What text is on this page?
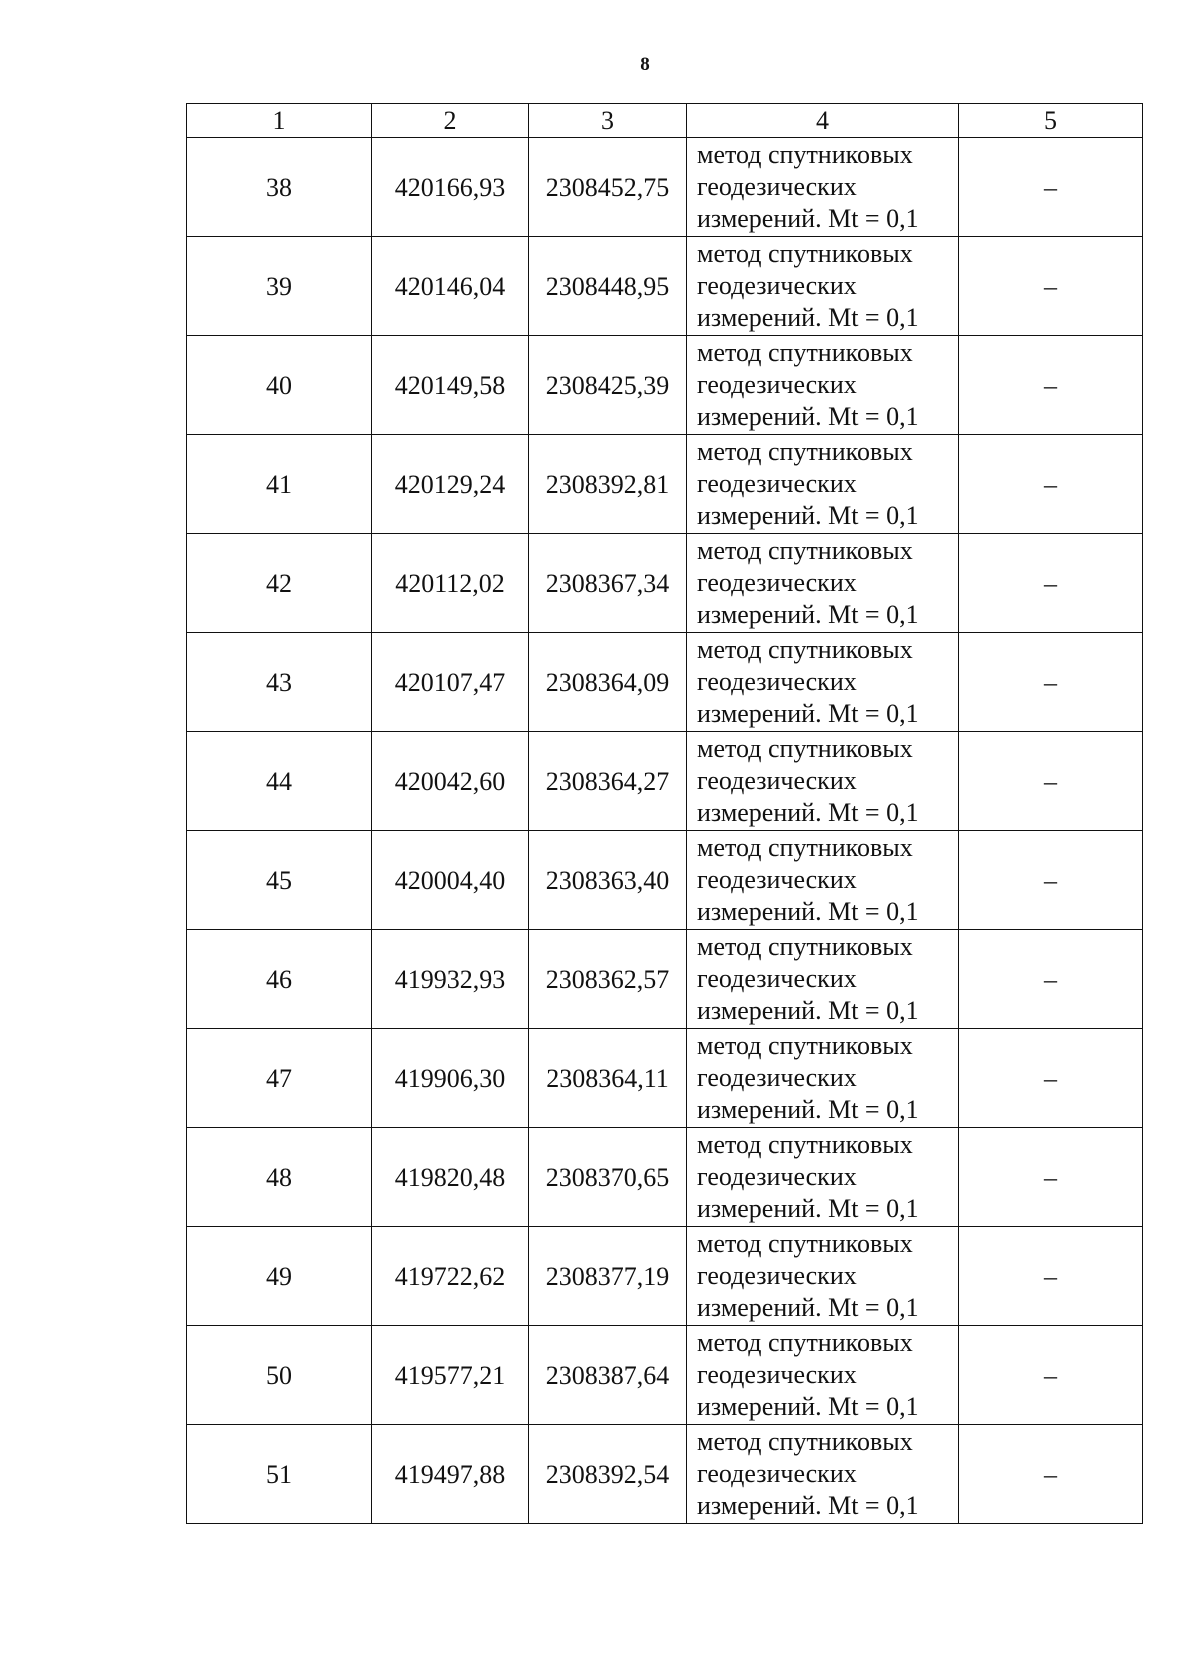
8
1	2	3	4	5
38	420166,93	2308452,75	метод спутниковых
геодезических
измерений. Mt = 0,1	–
39	420146,04	2308448,95	метод спутниковых
геодезических
измерений. Mt = 0,1	–
40	420149,58	2308425,39	метод спутниковых
геодезических
измерений. Mt = 0,1	–
41	420129,24	2308392,81	метод спутниковых
геодезических
измерений. Mt = 0,1	–
42	420112,02	2308367,34	метод спутниковых
геодезических
измерений. Mt = 0,1	–
43	420107,47	2308364,09	метод спутниковых
геодезических
измерений. Mt = 0,1	–
44	420042,60	2308364,27	метод спутниковых
геодезических
измерений. Mt = 0,1	–
45	420004,40	2308363,40	метод спутниковых
геодезических
измерений. Mt = 0,1	–
46	419932,93	2308362,57	метод спутниковых
геодезических
измерений. Mt = 0,1	–
47	419906,30	2308364,11	метод спутниковых
геодезических
измерений. Mt = 0,1	–
48	419820,48	2308370,65	метод спутниковых
геодезических
измерений. Mt = 0,1	–
49	419722,62	2308377,19	метод спутниковых
геодезических
измерений. Mt = 0,1	–
50	419577,21	2308387,64	метод спутниковых
геодезических
измерений. Mt = 0,1	–
51	419497,88	2308392,54	метод спутниковых
геодезических
измерений. Mt = 0,1	–
